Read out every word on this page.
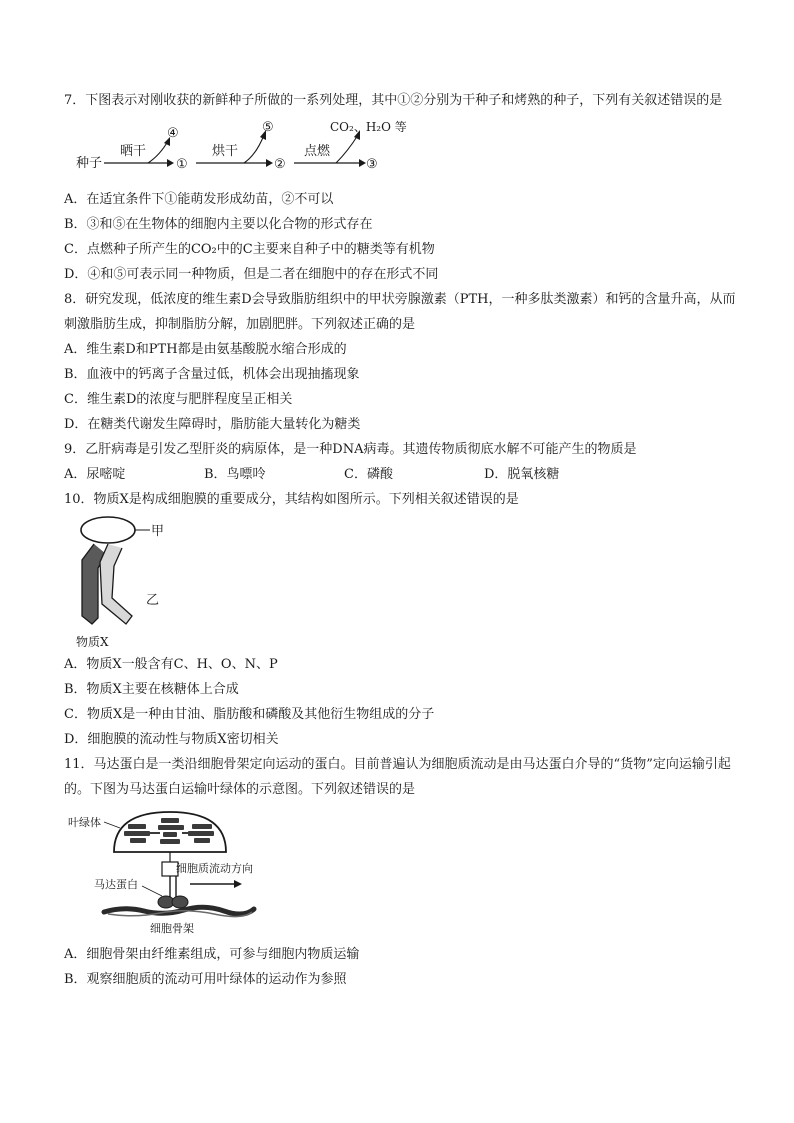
7．下图表示对刚收获的新鲜种子所做的一系列处理，其中①②分别为干种子和烤熟的种子，下列有关叙述错误的是
种子
晒干
④
①
烘干
⑤
②
点燃
CO₂、H₂O 等
③
A．在适宜条件下①能萌发形成幼苗，②不可以
B．③和⑤在生物体的细胞内主要以化合物的形式存在
C．点燃种子所产生的CO₂中的C主要来自种子中的糖类等有机物
D．④和⑤可表示同一种物质，但是二者在细胞中的存在形式不同
8．研究发现，低浓度的维生素D会导致脂肪组织中的甲状旁腺激素（PTH，一种多肽类激素）和钙的含量升高，从而刺激脂肪生成，抑制脂肪分解，加剧肥胖。下列叙述正确的是
A．维生素D和PTH都是由氨基酸脱水缩合形成的
B．血液中的钙离子含量过低，机体会出现抽搐现象
C．维生素D的浓度与肥胖程度呈正相关
D．在糖类代谢发生障碍时，脂肪能大量转化为糖类
9．乙肝病毒是引发乙型肝炎的病原体，是一种DNA病毒。其遗传物质彻底水解不可能产生的物质是
A．尿嘧啶	B．鸟嘌呤	C．磷酸	D．脱氧核糖
10．物质X是构成细胞膜的重要成分，其结构如图所示。下列相关叙述错误的是
甲
乙
物质X
A．物质X一般含有C、H、O、N、P
B．物质X主要在核糖体上合成
C．物质X是一种由甘油、脂肪酸和磷酸及其他衍生物组成的分子
D．细胞膜的流动性与物质X密切相关
11．马达蛋白是一类沿细胞骨架定向运动的蛋白。目前普遍认为细胞质流动是由马达蛋白介导的“货物”定向运输引起的。下图为马达蛋白运输叶绿体的示意图。下列叙述错误的是
叶绿体
细胞质流动方向
马达蛋白
细胞骨架
A．细胞骨架由纤维素组成，可参与细胞内物质运输
B．观察细胞质的流动可用叶绿体的运动作为参照
